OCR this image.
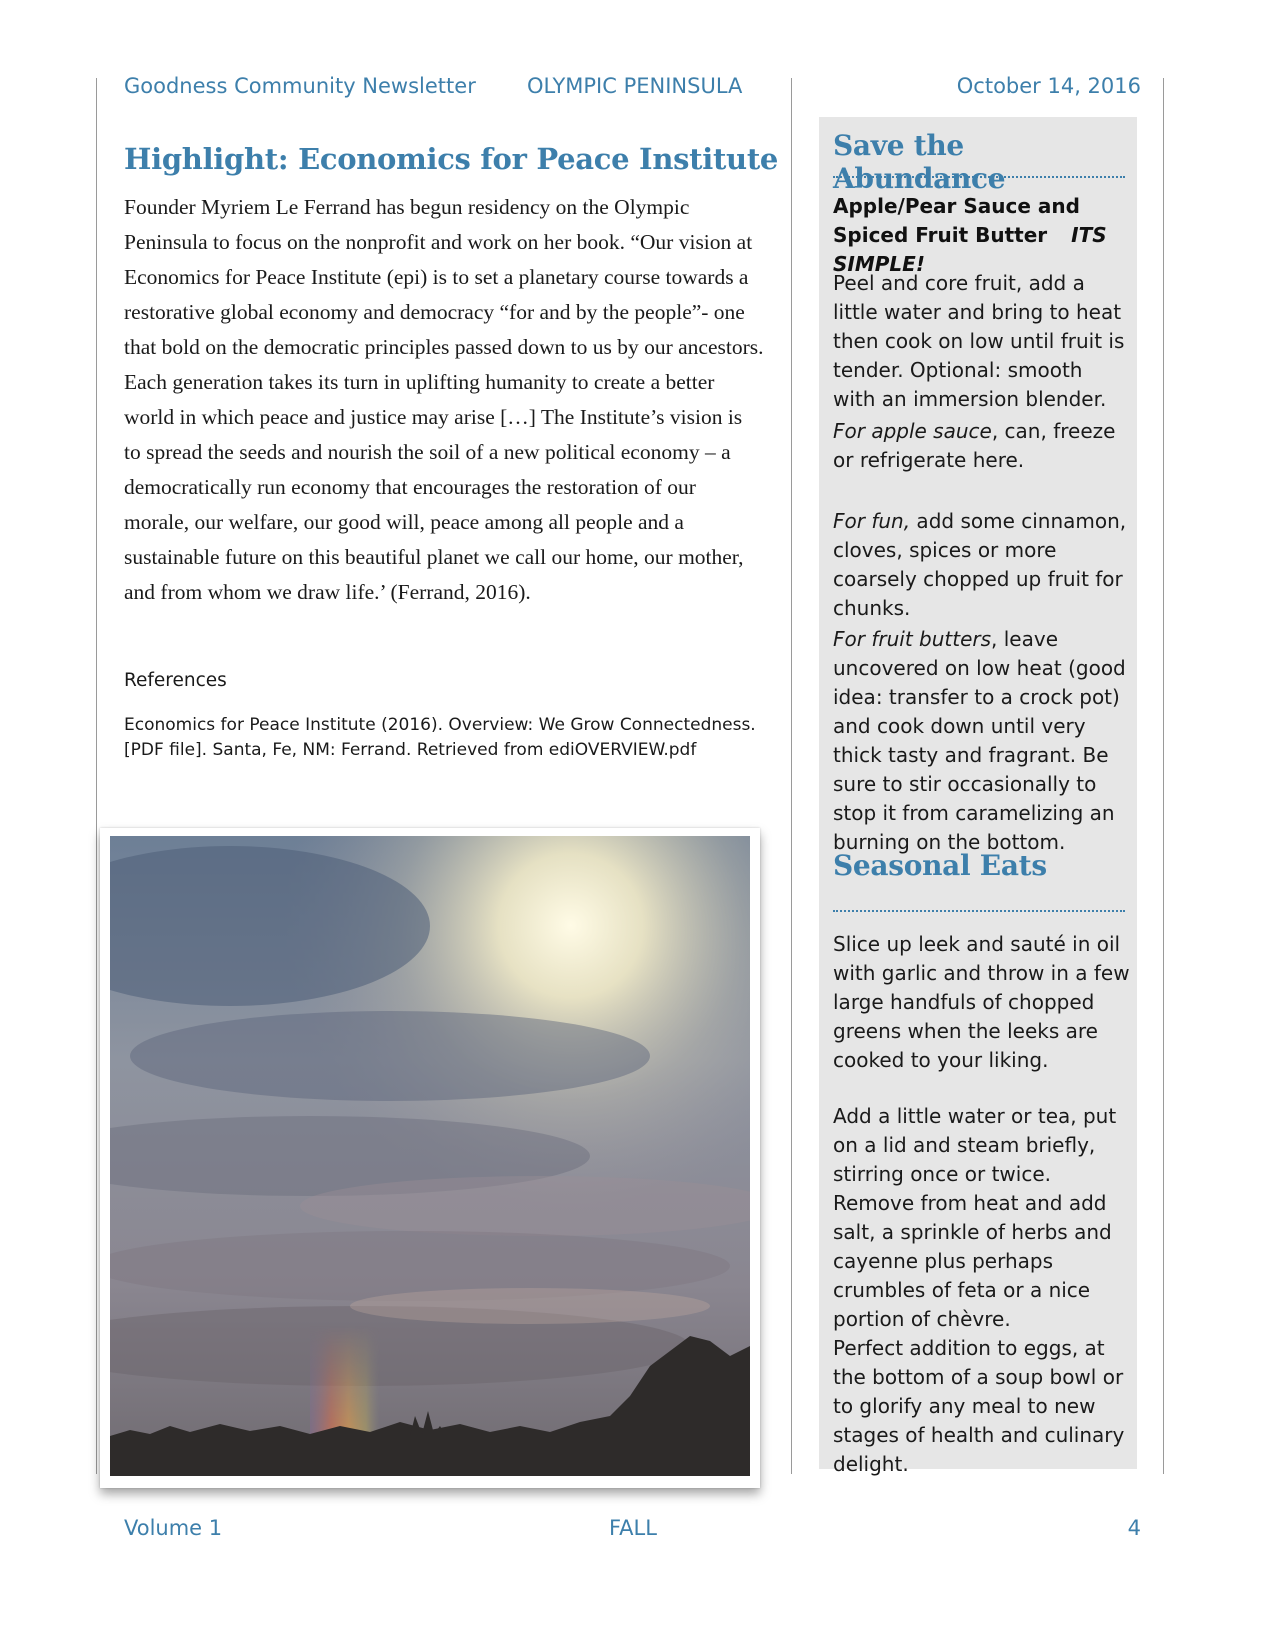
Goodness Community Newsletter OLYMPIC PENINSULA	October 14, 2016
Highlight: Economics for Peace Institute

Founder Myriem Le Ferrand has begun residency on the Olympic Peninsula to focus on the nonprofit and work on her book. “Our vision at Economics for Peace Institute (epi) is to set a planetary course towards a restorative global economy and democracy “for and by the people”- one that bold on the democratic principles passed down to us by our ancestors. Each generation takes its turn in uplifting humanity to create a better world in which peace and justice may arise […] The Institute’s vision is to spread the seeds and nourish the soil of a new political economy – a democratically run economy that encourages the restoration of our morale, our welfare, our good will, peace among all people and a sustainable future on this beautiful planet we call our home, our mother, and from whom we draw life.’ (Ferrand, 2016).

References
Economics for Peace Institute (2016). Overview: We Grow Connectedness. [PDF file]. Santa, Fe, NM: Ferrand. Retrieved from ediOVERVIEW.pdf
Save the Abundance
Apple/Pear Sauce and Spiced Fruit Butter ITS SIMPLE!

Peel and core fruit, add a little water and bring to heat then cook on low until fruit is tender. Optional: smooth with an immersion blender.

For apple sauce, can, freeze or refrigerate here.

For fun, add some cinnamon, cloves, spices or more coarsely chopped up fruit for chunks.

For fruit butters, leave uncovered on low heat (good idea: transfer to a crock pot) and cook down until very thick tasty and fragrant. Be sure to stir occasionally to stop it from caramelizing an burning on the bottom.

Seasonal Eats

Slice up leek and sauté in oil with garlic and throw in a few large handfuls of chopped greens when the leeks are cooked to your liking.

Add a little water or tea, put on a lid and steam briefly, stirring once or twice. Remove from heat and add salt, a sprinkle of herbs and cayenne plus perhaps crumbles of feta or a nice portion of chèvre.

Perfect addition to eggs, at the bottom of a soup bowl or to glorify any meal to new stages of health and culinary delight.

Volume 1	FALL	4
